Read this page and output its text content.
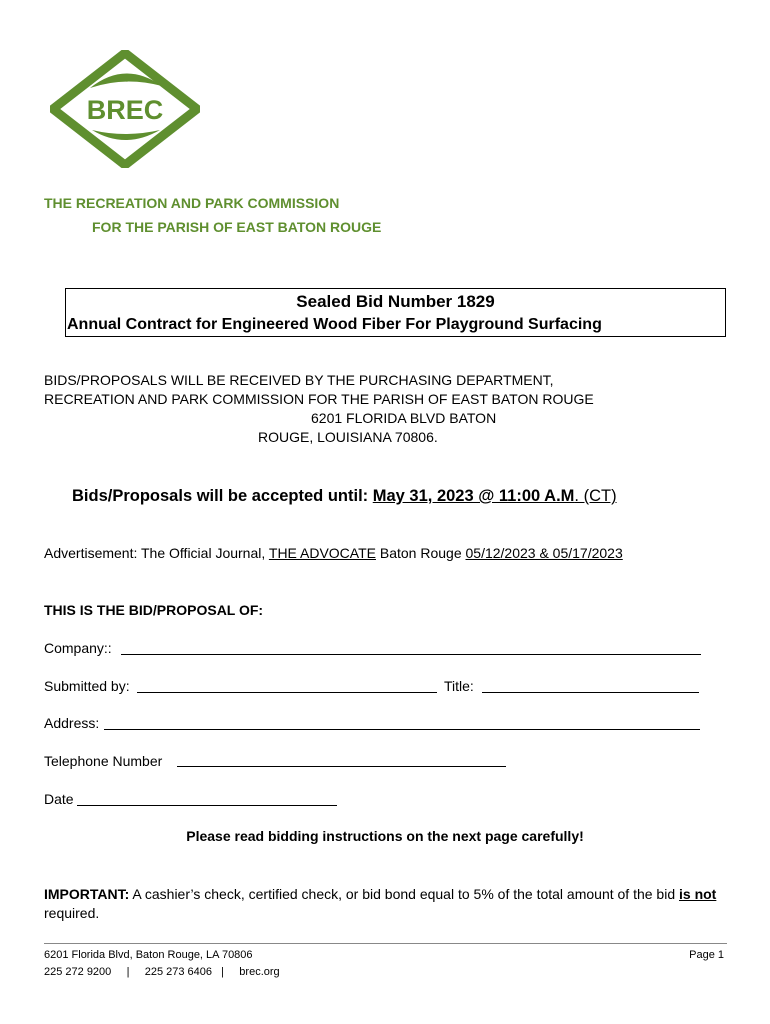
BREC
THE RECREATION AND PARK COMMISSION
FOR THE PARISH OF EAST BATON ROUGE
Sealed Bid Number 1829
Annual Contract for Engineered Wood Fiber For Playground Surfacing
BIDS/PROPOSALS WILL BE RECEIVED BY THE PURCHASING DEPARTMENT,
RECREATION AND PARK COMMISSION FOR THE PARISH OF EAST BATON ROUGE
6201 FLORIDA BLVD BATON
ROUGE, LOUISIANA 70806.
Bids/Proposals will be accepted until: May 31, 2023 @ 11:00 A.M. (CT)
Advertisement: The Official Journal, THE ADVOCATE Baton Rouge 05/12/2023 & 05/17/2023
THIS IS THE BID/PROPOSAL OF:
Company::
Submitted by:	Title:
Address:
Telephone Number
Date
Please read bidding instructions on the next page carefully!
IMPORTANT: A cashier’s check, certified check, or bid bond equal to 5% of the total amount of the bid is not required.
6201 Florida Blvd, Baton Rouge, LA 70806
225 272 9200     |     225 273 6406   |     brec.org
Page 1
